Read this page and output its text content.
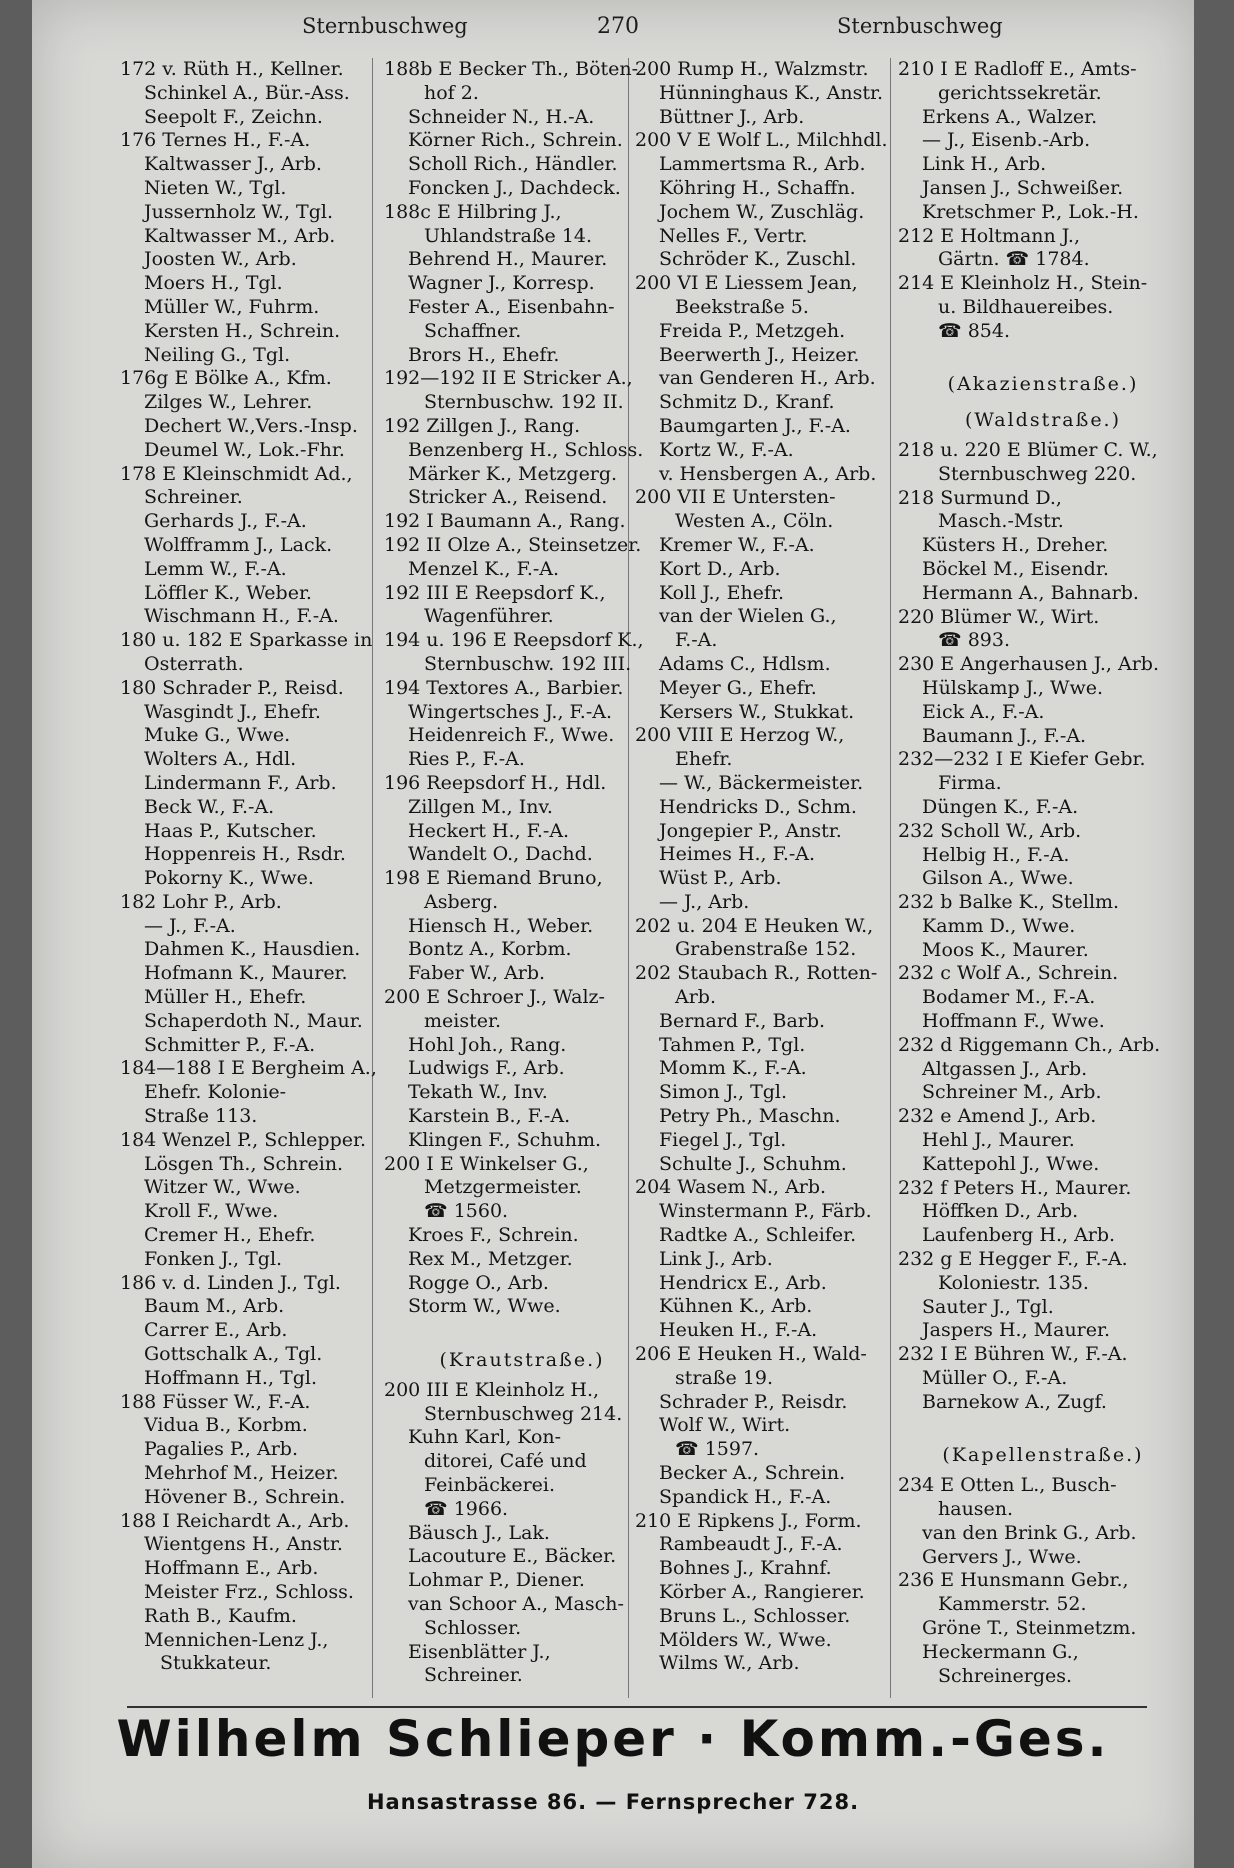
Sternbuschweg	270	Sternbuschweg
172 v. Rüth H., Kellner.
Schinkel A., Bür.-Ass.
Seepolt F., Zeichn.
176 Ternes H., F.-A.
Kaltwasser J., Arb.
Nieten W., Tgl.
Jussernholz W., Tgl.
Kaltwasser M., Arb.
Joosten W., Arb.
Moers H., Tgl.
Müller W., Fuhrm.
Kersten H., Schrein.
Neiling G., Tgl.
176g E Bölke A., Kfm.
Zilges W., Lehrer.
Dechert W.,Vers.-Insp.
Deumel W., Lok.-Fhr.
178 E Kleinschmidt Ad.,
Schreiner.
Gerhards J., F.-A.
Wolfframm J., Lack.
Lemm W., F.-A.
Löffler K., Weber.
Wischmann H., F.-A.
180 u. 182 E Sparkasse in
Osterrath.
180 Schrader P., Reisd.
Wasgindt J., Ehefr.
Muke G., Wwe.
Wolters A., Hdl.
Lindermann F., Arb.
Beck W., F.-A.
Haas P., Kutscher.
Hoppenreis H., Rsdr.
Pokorny K., Wwe.
182 Lohr P., Arb.
— J., F.-A.
Dahmen K., Hausdien.
Hofmann K., Maurer.
Müller H., Ehefr.
Schaperdoth N., Maur.
Schmitter P., F.-A.
184—188 I E Bergheim A.,
Ehefr. Kolonie-
Straße 113.
184 Wenzel P., Schlepper.
Lösgen Th., Schrein.
Witzer W., Wwe.
Kroll F., Wwe.
Cremer H., Ehefr.
Fonken J., Tgl.
186 v. d. Linden J., Tgl.
Baum M., Arb.
Carrer E., Arb.
Gottschalk A., Tgl.
Hoffmann H., Tgl.
188 Füsser W., F.-A.
Vidua B., Korbm.
Pagalies P., Arb.
Mehrhof M., Heizer.
Hövener B., Schrein.
188 I Reichardt A., Arb.
Wientgens H., Anstr.
Hoffmann E., Arb.
Meister Frz., Schloss.
Rath B., Kaufm.
Mennichen-Lenz J.,
Stukkateur.
188b E Becker Th., Böten-
hof 2.
Schneider N., H.-A.
Körner Rich., Schrein.
Scholl Rich., Händler.
Foncken J., Dachdeck.
188c E Hilbring J.,
Uhlandstraße 14.
Behrend H., Maurer.
Wagner J., Korresp.
Fester A., Eisenbahn-
Schaffner.
Brors H., Ehefr.
192—192 II E Stricker A.,
Sternbuschw. 192 II.
192 Zillgen J., Rang.
Benzenberg H., Schloss.
Märker K., Metzgerg.
Stricker A., Reisend.
192 I Baumann A., Rang.
192 II Olze A., Steinsetzer.
Menzel K., F.-A.
192 III E Reepsdorf K.,
Wagenführer.
194 u. 196 E Reepsdorf K.,
Sternbuschw. 192 III.
194 Textores A., Barbier.
Wingertsches J., F.-A.
Heidenreich F., Wwe.
Ries P., F.-A.
196 Reepsdorf H., Hdl.
Zillgen M., Inv.
Heckert H., F.-A.
Wandelt O., Dachd.
198 E Riemand Bruno,
Asberg.
Hiensch H., Weber.
Bontz A., Korbm.
Faber W., Arb.
200 E Schroer J., Walz-
meister.
Hohl Joh., Rang.
Ludwigs F., Arb.
Tekath W., Inv.
Karstein B., F.-A.
Klingen F., Schuhm.
200 I E Winkelser G.,
Metzgermeister.
☎ 1560.
Kroes F., Schrein.
Rex M., Metzger.
Rogge O., Arb.
Storm W., Wwe.
(Krautstraße.)
200 III E Kleinholz H.,
Sternbuschweg 214.
Kuhn Karl, Kon-
ditorei, Café und
Feinbäckerei.
☎ 1966.
Bäusch J., Lak.
Lacouture E., Bäcker.
Lohmar P., Diener.
van Schoor A., Masch-
Schlosser.
Eisenblätter J.,
Schreiner.
200 Rump H., Walzmstr.
Hünninghaus K., Anstr.
Büttner J., Arb.
200 V E Wolf L., Milchhdl.
Lammertsma R., Arb.
Köhring H., Schaffn.
Jochem W., Zuschläg.
Nelles F., Vertr.
Schröder K., Zuschl.
200 VI E Liessem Jean,
Beekstraße 5.
Freida P., Metzgeh.
Beerwerth J., Heizer.
van Genderen H., Arb.
Schmitz D., Kranf.
Baumgarten J., F.-A.
Kortz W., F.-A.
v. Hensbergen A., Arb.
200 VII E Untersten-
Westen A., Cöln.
Kremer W., F.-A.
Kort D., Arb.
Koll J., Ehefr.
van der Wielen G.,
F.-A.
Adams C., Hdlsm.
Meyer G., Ehefr.
Kersers W., Stukkat.
200 VIII E Herzog W.,
Ehefr.
— W., Bäckermeister.
Hendricks D., Schm.
Jongepier P., Anstr.
Heimes H., F.-A.
Wüst P., Arb.
— J., Arb.
202 u. 204 E Heuken W.,
Grabenstraße 152.
202 Staubach R., Rotten-
Arb.
Bernard F., Barb.
Tahmen P., Tgl.
Momm K., F.-A.
Simon J., Tgl.
Petry Ph., Maschn.
Fiegel J., Tgl.
Schulte J., Schuhm.
204 Wasem N., Arb.
Winstermann P., Färb.
Radtke A., Schleifer.
Link J., Arb.
Hendricx E., Arb.
Kühnen K., Arb.
Heuken H., F.-A.
206 E Heuken H., Wald-
straße 19.
Schrader P., Reisdr.
Wolf W., Wirt.
☎ 1597.
Becker A., Schrein.
Spandick H., F.-A.
210 E Ripkens J., Form.
Rambeaudt J., F.-A.
Bohnes J., Krahnf.
Körber A., Rangierer.
Bruns L., Schlosser.
Mölders W., Wwe.
Wilms W., Arb.
210 I E Radloff E., Amts-
gerichtssekretär.
Erkens A., Walzer.
— J., Eisenb.-Arb.
Link H., Arb.
Jansen J., Schweißer.
Kretschmer P., Lok.-H.
212 E Holtmann J.,
Gärtn. ☎ 1784.
214 E Kleinholz H., Stein-
u. Bildhauereibes.
☎ 854.
(Akazienstraße.)
(Waldstraße.)
218 u. 220 E Blümer C. W.,
Sternbuschweg 220.
218 Surmund D.,
Masch.-Mstr.
Küsters H., Dreher.
Böckel M., Eisendr.
Hermann A., Bahnarb.
220 Blümer W., Wirt.
☎ 893.
230 E Angerhausen J., Arb.
Hülskamp J., Wwe.
Eick A., F.-A.
Baumann J., F.-A.
232—232 I E Kiefer Gebr.
Firma.
Düngen K., F.-A.
232 Scholl W., Arb.
Helbig H., F.-A.
Gilson A., Wwe.
232 b Balke K., Stellm.
Kamm D., Wwe.
Moos K., Maurer.
232 c Wolf A., Schrein.
Bodamer M., F.-A.
Hoffmann F., Wwe.
232 d Riggemann Ch., Arb.
Altgassen J., Arb.
Schreiner M., Arb.
232 e Amend J., Arb.
Hehl J., Maurer.
Kattepohl J., Wwe.
232 f Peters H., Maurer.
Höffken D., Arb.
Laufenberg H., Arb.
232 g E Hegger F., F.-A.
Koloniestr. 135.
Sauter J., Tgl.
Jaspers H., Maurer.
232 I E Bühren W., F.-A.
Müller O., F.-A.
Barnekow A., Zugf.
(Kapellenstraße.)
234 E Otten L., Busch-
hausen.
van den Brink G., Arb.
Gervers J., Wwe.
236 E Hunsmann Gebr.,
Kammerstr. 52.
Gröne T., Steinmetzm.
Heckermann G.,
Schreinerges.
Wilhelm Schlieper ∙ Komm.-Ges.
Hansastrasse 86. — Fernsprecher 728.
